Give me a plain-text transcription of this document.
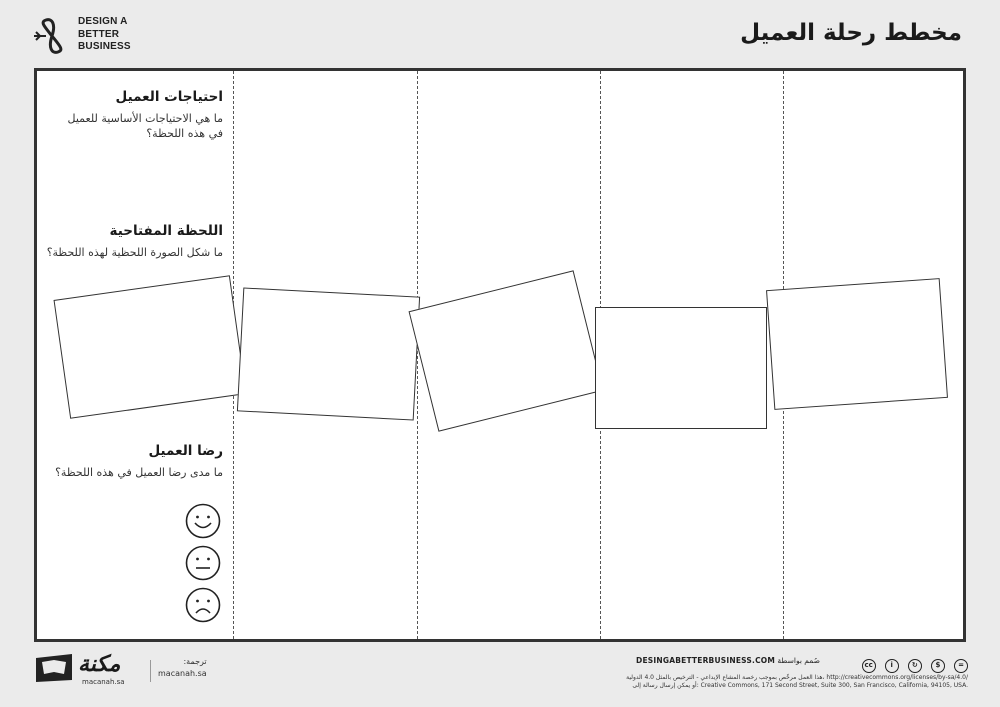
DESIGN A
BETTER
BUSINESS
مخطط رحلة العميل
احتياجات العميل
ما هي الاحتياجات الأساسية للعميل
في هذه اللحظة؟
اللحظة المفتاحية
ما شكل الصورة اللحظية لهذه اللحظة؟
رضا العميل
ما مدى رضا العميل في هذه اللحظة؟
مكنة
macanah.sa
ترجمة:
macanah.sa
صُمم بواسطة DESINGABETTERBUSINESS.COM	cc	i	↻	$	=
هذا العمل مرخّص بموجب رخصة المشاع الإبداعي - الترخيص بالمثل 4.0 الدولية، http://creativecommons.org/licenses/by-sa/4.0/
أو يمكن إرسال رسالة إلى: Creative Commons, 171 Second Street, Suite 300, San Francisco, California, 94105, USA.
